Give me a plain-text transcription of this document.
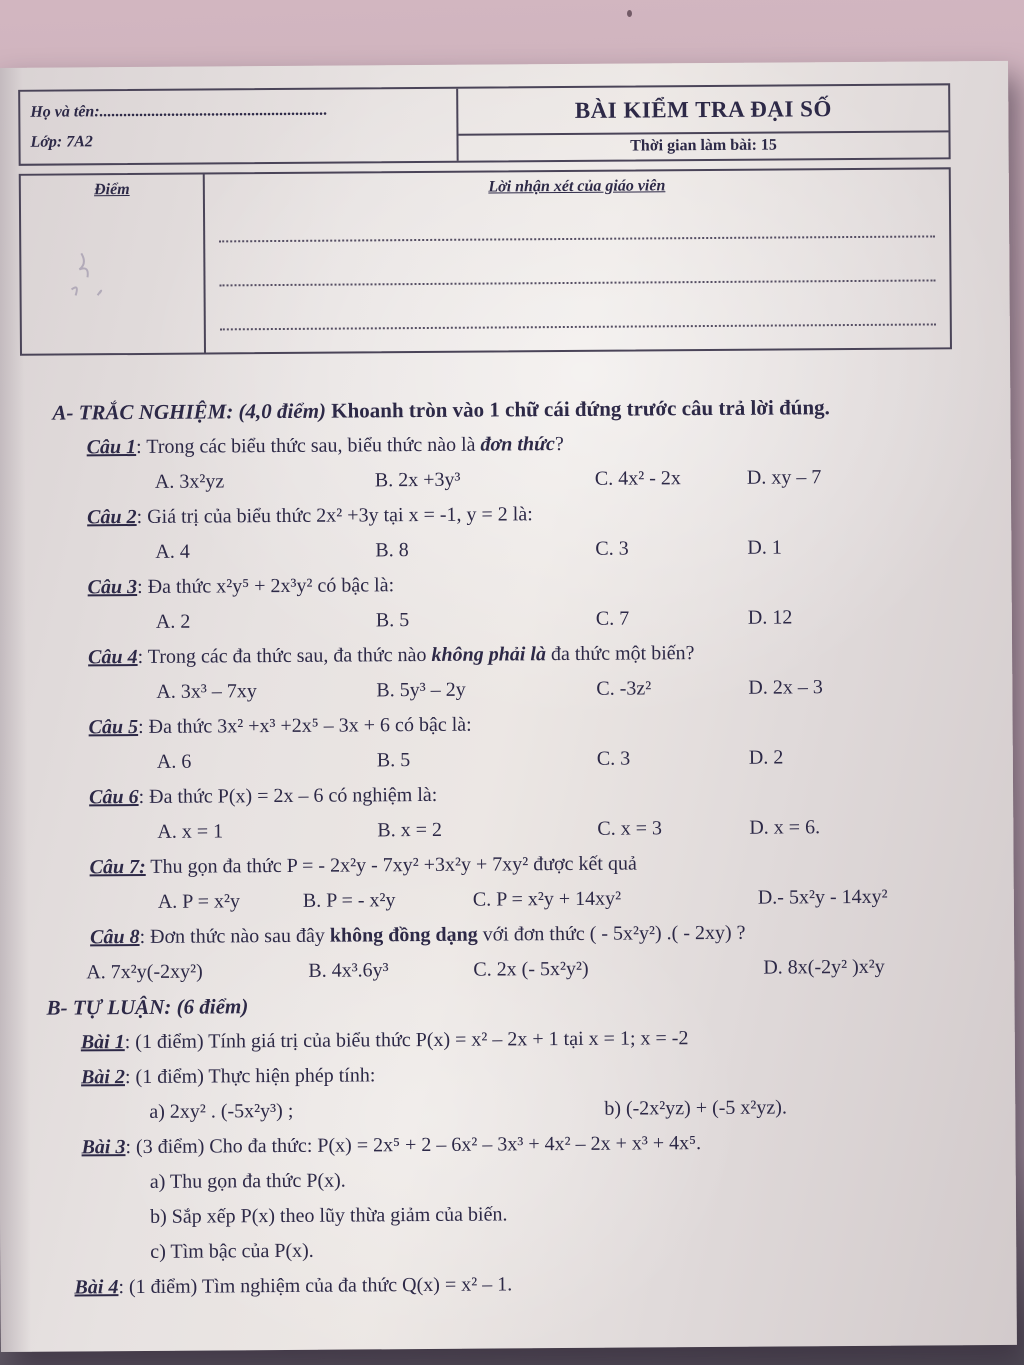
Họ và tên:.........................................................
Lớp: 7A2
BÀI KIỂM TRA ĐẠI SỐ
Thời gian làm bài: 15
Điểm	Lời nhận xét của giáo viên
A- TRẮC NGHIỆM: (4,0 điểm) Khoanh tròn vào 1 chữ cái đứng trước câu trả lời đúng.
Câu 1: Trong các biểu thức sau, biểu thức nào là đơn thức?
A. 3x²yz	B. 2x +3y³	C. 4x² - 2x	D. xy – 7
Câu 2: Giá trị của biểu thức 2x² +3y tại x = -1, y = 2 là:
A. 4	B. 8	C. 3	D. 1
Câu 3: Đa thức x²y⁵ + 2x³y² có bậc là:
A. 2	B. 5	C. 7	D. 12
Câu 4: Trong các đa thức sau, đa thức nào không phải là đa thức một biến?
A. 3x³ – 7xy	B. 5y³ – 2y	C. -3z²	D. 2x – 3
Câu 5: Đa thức 3x² +x³ +2x⁵ – 3x + 6 có bậc là:
A. 6	B. 5	C. 3	D. 2
Câu 6: Đa thức P(x) = 2x – 6 có nghiệm là:
A. x = 1	B. x = 2	C. x = 3	D. x = 6.
Câu 7: Thu gọn đa thức P = - 2x²y - 7xy² +3x²y + 7xy² được kết quả
A. P = x²y	B. P = - x²y	C. P = x²y + 14xy²	D.- 5x²y - 14xy²
Câu 8: Đơn thức nào sau đây không đồng dạng với đơn thức ( - 5x²y²) .( - 2xy) ?
A. 7x²y(-2xy²)	B. 4x³.6y³	C. 2x (- 5x²y²)	D. 8x(-2y² )x²y
B- TỰ LUẬN: (6 điểm)
Bài 1: (1 điểm) Tính giá trị của biểu thức P(x) = x² – 2x + 1 tại x = 1; x = -2
Bài 2: (1 điểm) Thực hiện phép tính:
a) 2xy² . (-5x²y³) ;	b) (-2x²yz) + (-5 x²yz).
Bài 3: (3 điểm) Cho đa thức: P(x) = 2x⁵ + 2 – 6x² – 3x³ + 4x² – 2x + x³ + 4x⁵.
a) Thu gọn đa thức P(x).
b) Sắp xếp P(x) theo lũy thừa giảm của biến.
c) Tìm bậc của P(x).
Bài 4: (1 điểm) Tìm nghiệm của đa thức Q(x) = x² – 1.
